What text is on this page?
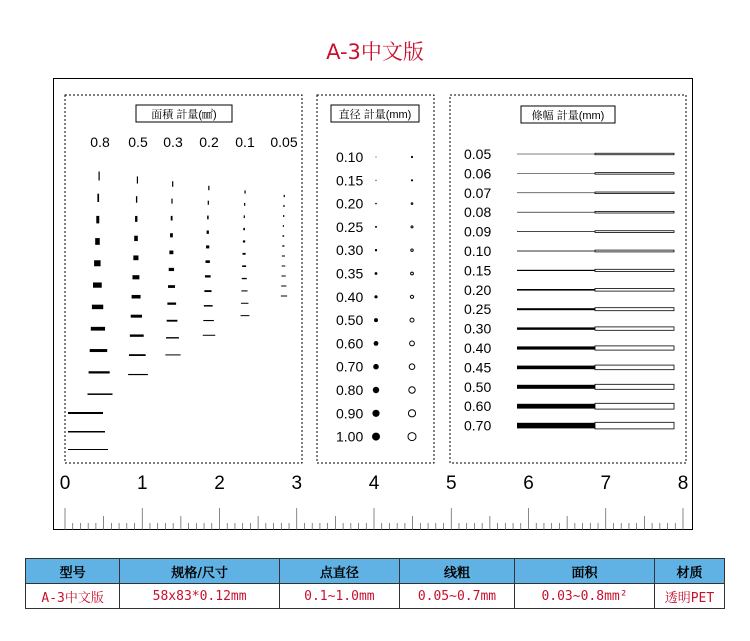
A-3中文版
面積 計量(㎟)	直径 計量(mm)	條幅 計量(mm)
0.8 0.5 0.3 0.2 0.1 0.05
0.10
0.15
0.20
0.25
0.30
0.35
0.40
0.50
0.60
0.70
0.80
0.90
1.00
0.05
0.06
0.07
0.08
0.09
0.10
0.15
0.20
0.25
0.30
0.40
0.45
0.50
0.60
0.70
0	1	2	3	4	5	6	7	8
型号	规格/尺寸	点直径	线粗	面积	材质
A-3中文版	58x83*0.12mm	0.1~1.0mm	0.05~0.7mm	0.03~0.8mm²	透明PET
